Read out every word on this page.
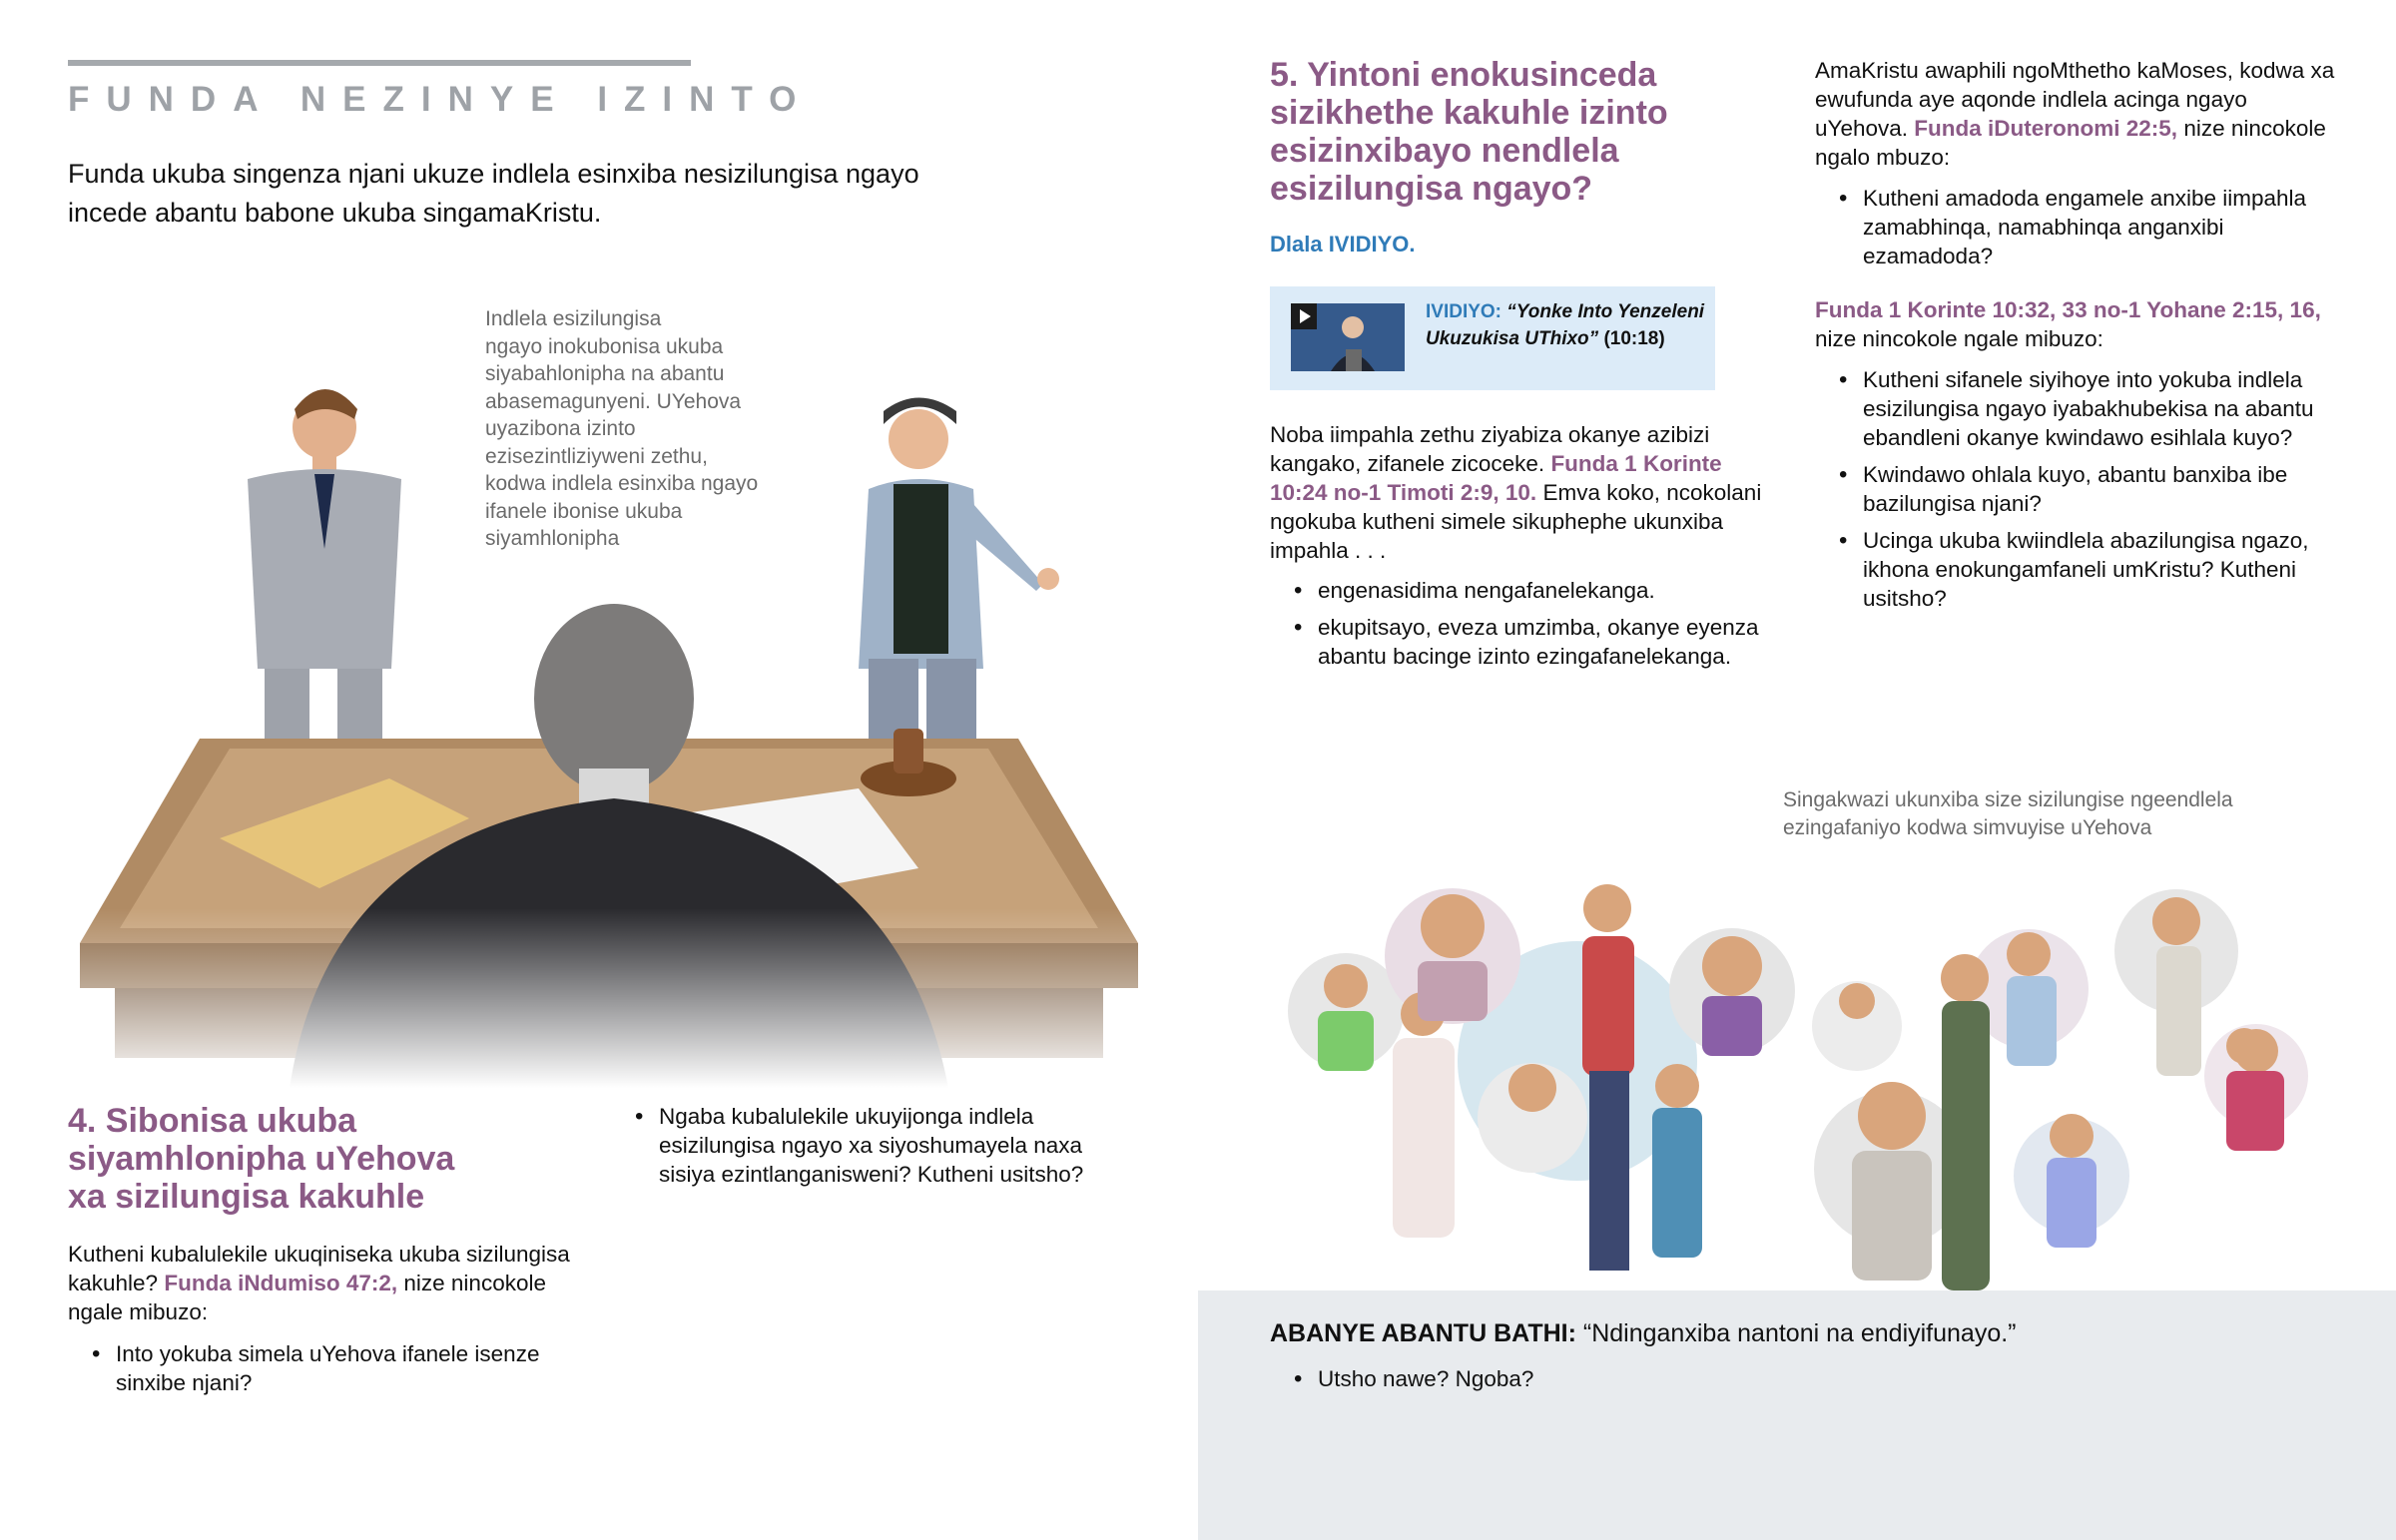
FUNDA NEZINYE IZINTO
Funda ukuba singenza njani ukuze indlela esinxiba nesizilungisa ngayo incede abantu babone ukuba singamaKristu.
Indlela esizilungisa
ngayo inokubonisa ukuba
siyabahlonipha na abantu
abasemagunyeni. UYehova
uyazibona izinto
ezisezintliziyweni zethu,
kodwa indlela esinxiba ngayo
ifanele ibonise ukuba
siyamhlonipha
4. Sibonisa ukuba
siyamhlonipha uYehova
xa sizilungisa kakuhle
Kutheni kubalulekile ukuqiniseka ukuba sizilungisa kakuhle? Funda iNdumiso 47:2, nize nincokole ngale mibuzo:
• Into yokuba simela uYehova ifanele isenze sinxibe njani?
• Ngaba kubalulekile ukuyijonga indlela esizilungisa ngayo xa siyoshumayela naxa sisiya ezintlanganisweni? Kutheni usitsho?
5. Yintoni enokusinceda
sizikhethe kakuhle izinto
esizinxibayo nendlela
esizilungisa ngayo?
Dlala IVIDIYO.
IVIDIYO: “Yonke Into Yenzeleni Ukuzukisa UThixo” (10:18)
Noba iimpahla zethu ziyabiza okanye azibizi kangako, zifanele zicoceke. Funda 1 Korinte 10:24 no-1 Timoti 2:9, 10. Emva koko, ncokolani ngokuba kutheni simele sikuphephe ukunxiba impahla . . .
• engenasidima nengafanelekanga.
• ekupitsayo, eveza umzimba, okanye eyenza abantu bacinge izinto ezingafanelekanga.
AmaKristu awaphili ngoMthetho kaMoses, kodwa xa ewufunda aye aqonde indlela acinga ngayo uYehova. Funda iDuteronomi 22:5, nize nincokole ngalo mbuzo:
• Kutheni amadoda engamele anxibe iimpahla zamabhinqa, namabhinqa anganxibi ezamadoda?
Funda 1 Korinte 10:32, 33 no-1 Yohane 2:15, 16, nize nincokole ngale mibuzo:
• Kutheni sifanele siyihoye into yokuba indlela esizilungisa ngayo iyabakhubekisa na abantu ebandleni okanye kwindawo esihlala kuyo?
• Kwindawo ohlala kuyo, abantu banxiba ibe bazilungisa njani?
• Ucinga ukuba kwiindlela abazilungisa ngazo, ikhona enokungamfaneli umKristu? Kutheni usitsho?
Singakwazi ukunxiba size sizilungise ngeendlela
ezingafaniyo kodwa simvuyise uYehova
ABANYE ABANTU BATHI: “Ndinganxiba nantoni na endiyifunayo.”
• Utsho nawe? Ngoba?
